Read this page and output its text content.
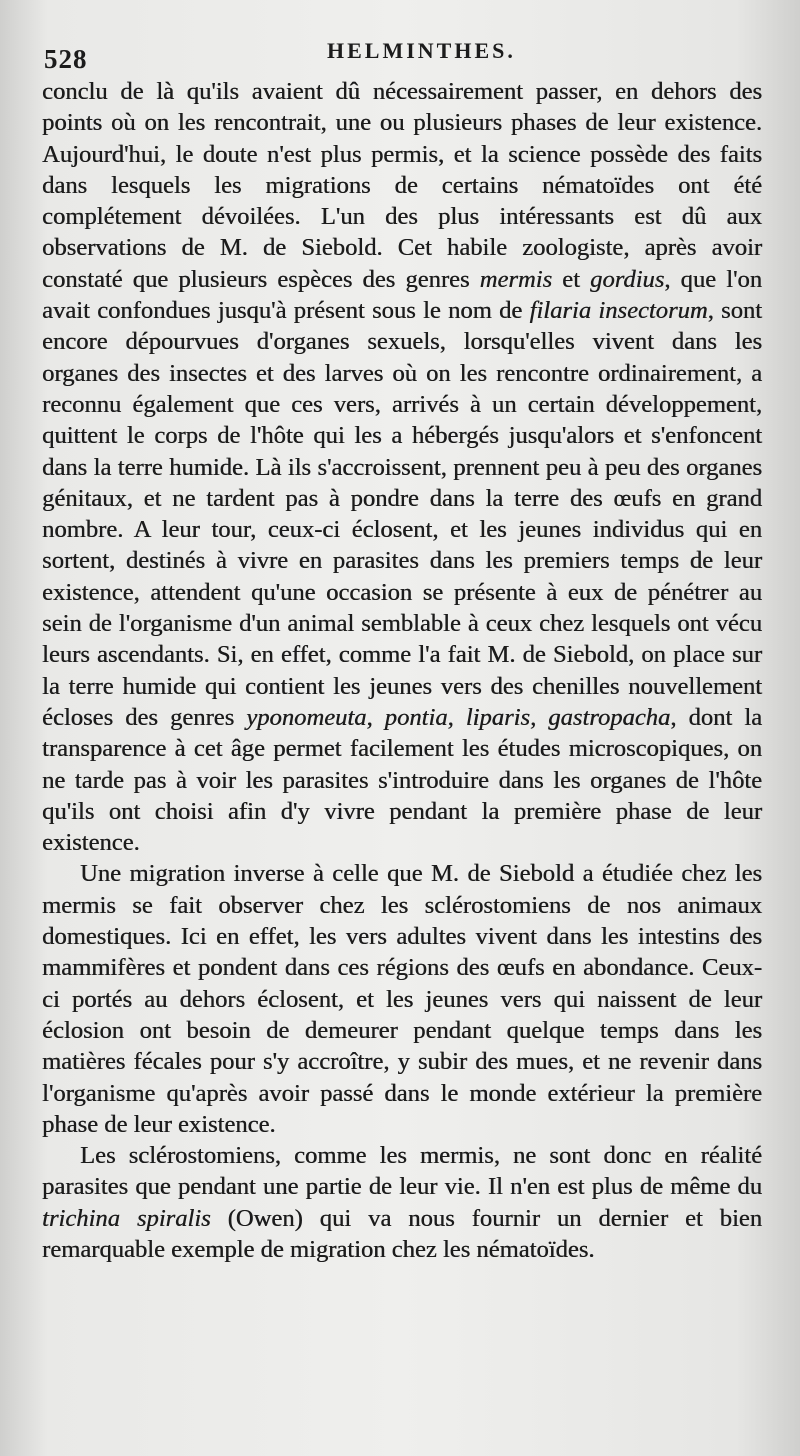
528	HELMINTHES.

conclu de là qu'ils avaient dû nécessairement passer, en dehors des points où on les rencontrait, une ou plusieurs phases de leur existence. Aujourd'hui, le doute n'est plus permis, et la science possède des faits dans lesquels les migrations de certains nématoïdes ont été complétement dévoilées. L'un des plus intéressants est dû aux observations de M. de Siebold. Cet habile zoologiste, après avoir constaté que plusieurs espèces des genres mermis et gordius, que l'on avait confondues jusqu'à présent sous le nom de filaria insectorum, sont encore dépourvues d'organes sexuels, lorsqu'elles vivent dans les organes des insectes et des larves où on les rencontre ordinairement, a reconnu également que ces vers, arrivés à un certain développement, quittent le corps de l'hôte qui les a hébergés jusqu'alors et s'enfoncent dans la terre humide. Là ils s'accroissent, prennent peu à peu des organes génitaux, et ne tardent pas à pondre dans la terre des œufs en grand nombre. A leur tour, ceux-ci éclosent, et les jeunes individus qui en sortent, destinés à vivre en parasites dans les premiers temps de leur existence, attendent qu'une occasion se présente à eux de pénétrer au sein de l'organisme d'un animal semblable à ceux chez lesquels ont vécu leurs ascendants. Si, en effet, comme l'a fait M. de Siebold, on place sur la terre humide qui contient les jeunes vers des chenilles nouvellement écloses des genres yponomeuta, pontia, liparis, gastropacha, dont la transparence à cet âge permet facilement les études microscopiques, on ne tarde pas à voir les parasites s'introduire dans les organes de l'hôte qu'ils ont choisi afin d'y vivre pendant la première phase de leur existence.

Une migration inverse à celle que M. de Siebold a étudiée chez les mermis se fait observer chez les sclérostomiens de nos animaux domestiques. Ici en effet, les vers adultes vivent dans les intestins des mammifères et pondent dans ces régions des œufs en abondance. Ceux-ci portés au dehors éclosent, et les jeunes vers qui naissent de leur éclosion ont besoin de demeurer pendant quelque temps dans les matières fécales pour s'y accroître, y subir des mues, et ne revenir dans l'organisme qu'après avoir passé dans le monde extérieur la première phase de leur existence.

Les sclérostomiens, comme les mermis, ne sont donc en réalité parasites que pendant une partie de leur vie. Il n'en est plus de même du trichina spiralis (Owen) qui va nous fournir un dernier et bien remarquable exemple de migration chez les nématoïdes.
